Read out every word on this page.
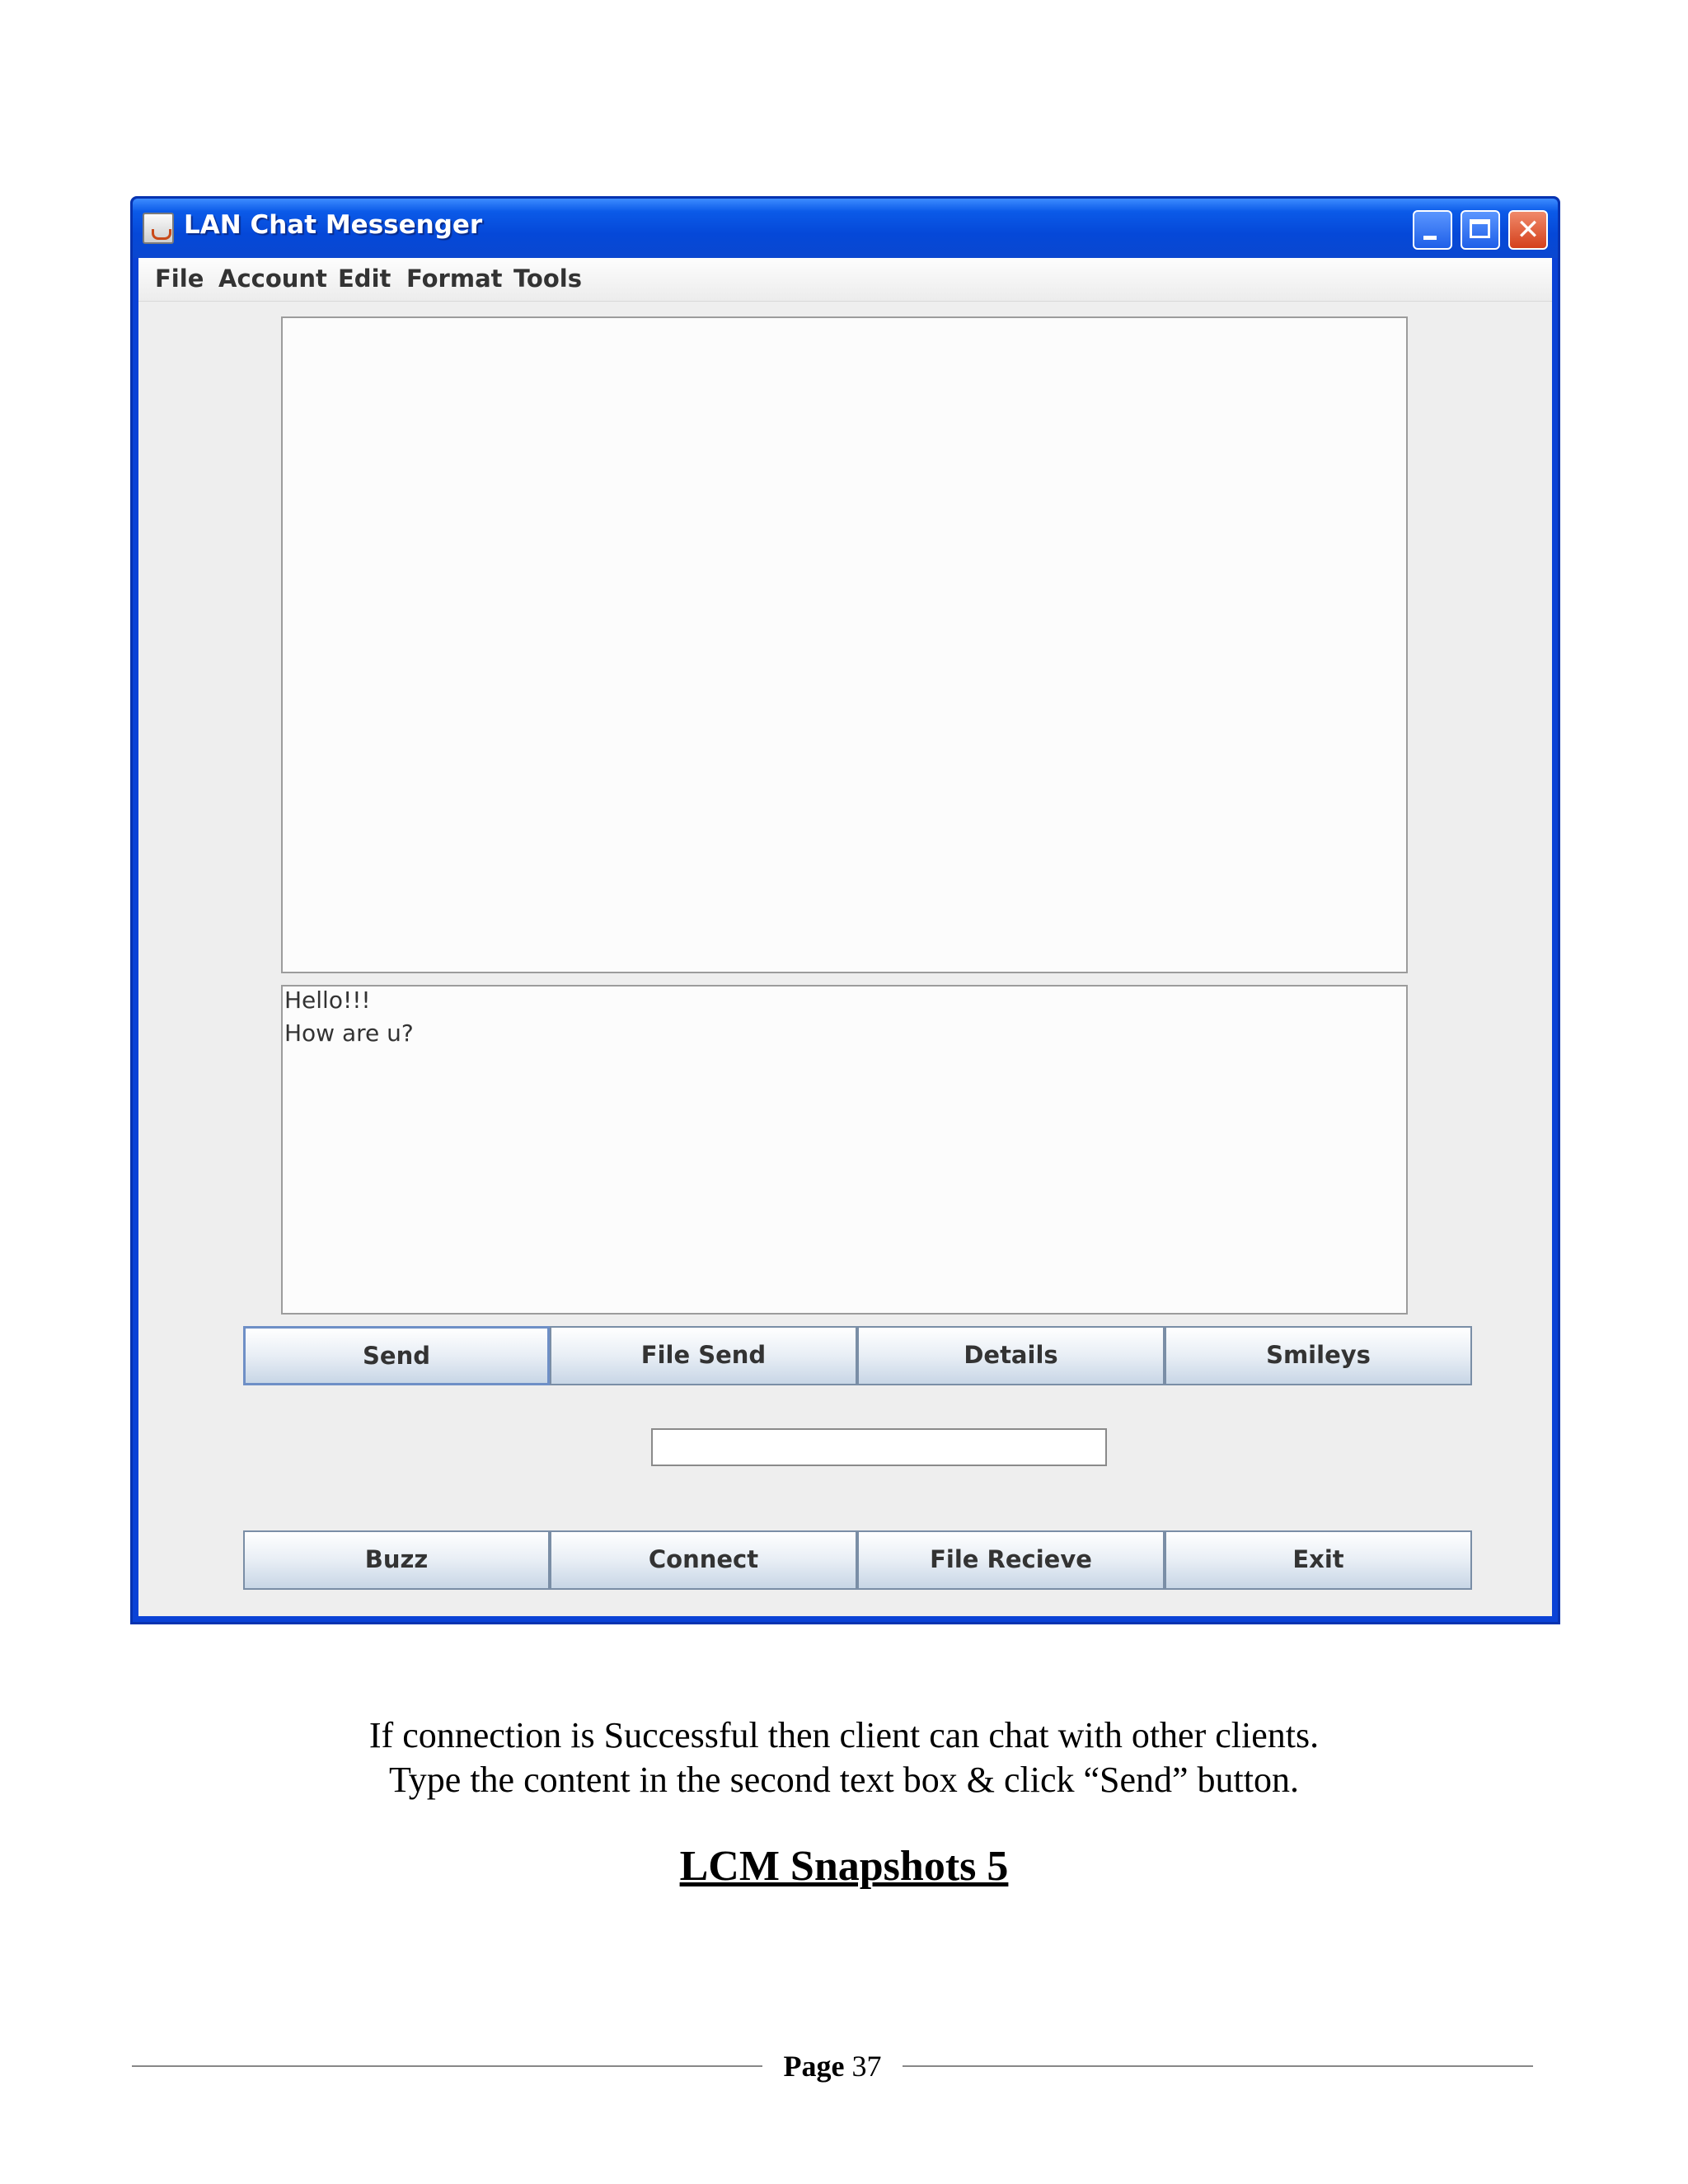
LAN Chat Messenger	✕
File Account Edit Format Tools
Hello!!!
How are u?
Send	File Send	Details	Smileys
Buzz	Connect	File Recieve	Exit
If connection is Successful then client can chat with other clients.
Type the content in the second text box & click “Send” button.
LCM Snapshots 5
Page 37
